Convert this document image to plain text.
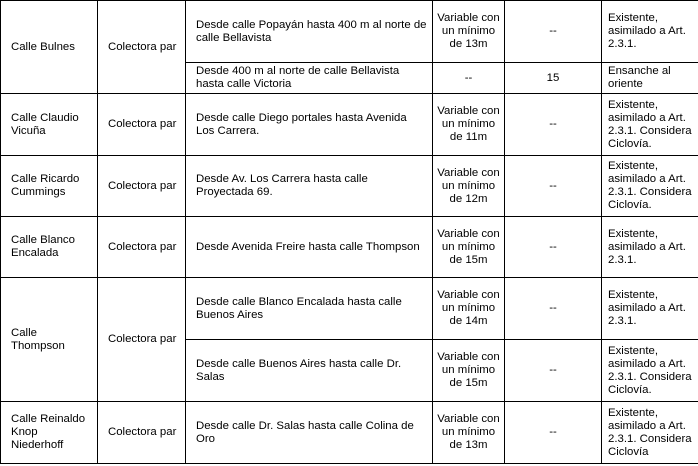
Calle Bulnes	Colectora par	Desde calle Popayán hasta 400 m al norte de calle Bellavista	Variable con un mínimo de 13m	--	Existente, asimilado a Art. 2.3.1.

		Desde 400 m al norte de calle Bellavista hasta calle Victoria	--	15	Ensanche al oriente

Calle Claudio Vicuña	Colectora par	Desde calle Diego portales hasta Avenida Los Carrera.	Variable con un mínimo de 11m	--	Existente, asimilado a Art. 2.3.1. Considera Ciclovía.

Calle Ricardo Cummings	Colectora par	Desde Av. Los Carrera hasta calle Proyectada 69.	Variable con un mínimo de 12m	--	Existente, asimilado a Art. 2.3.1. Considera Ciclovía.

Calle Blanco Encalada	Colectora par	Desde Avenida Freire hasta calle Thompson	Variable con un mínimo de 15m	--	Existente, asimilado a Art. 2.3.1.

Calle Thompson	Colectora par	Desde calle Blanco Encalada hasta calle Buenos Aires	Variable con un mínimo de 14m	--	Existente, asimilado a Art. 2.3.1.

		Desde calle Buenos Aires hasta calle Dr. Salas	Variable con un mínimo de 15m	--	Existente, asimilado a Art. 2.3.1. Considera Ciclovía.

Calle Reinaldo Knop Niederhoff	Colectora par	Desde calle Dr. Salas hasta calle Colina de Oro	Variable con un mínimo de 13m	--	Existente, asimilado a Art. 2.3.1. Considera Ciclovía
